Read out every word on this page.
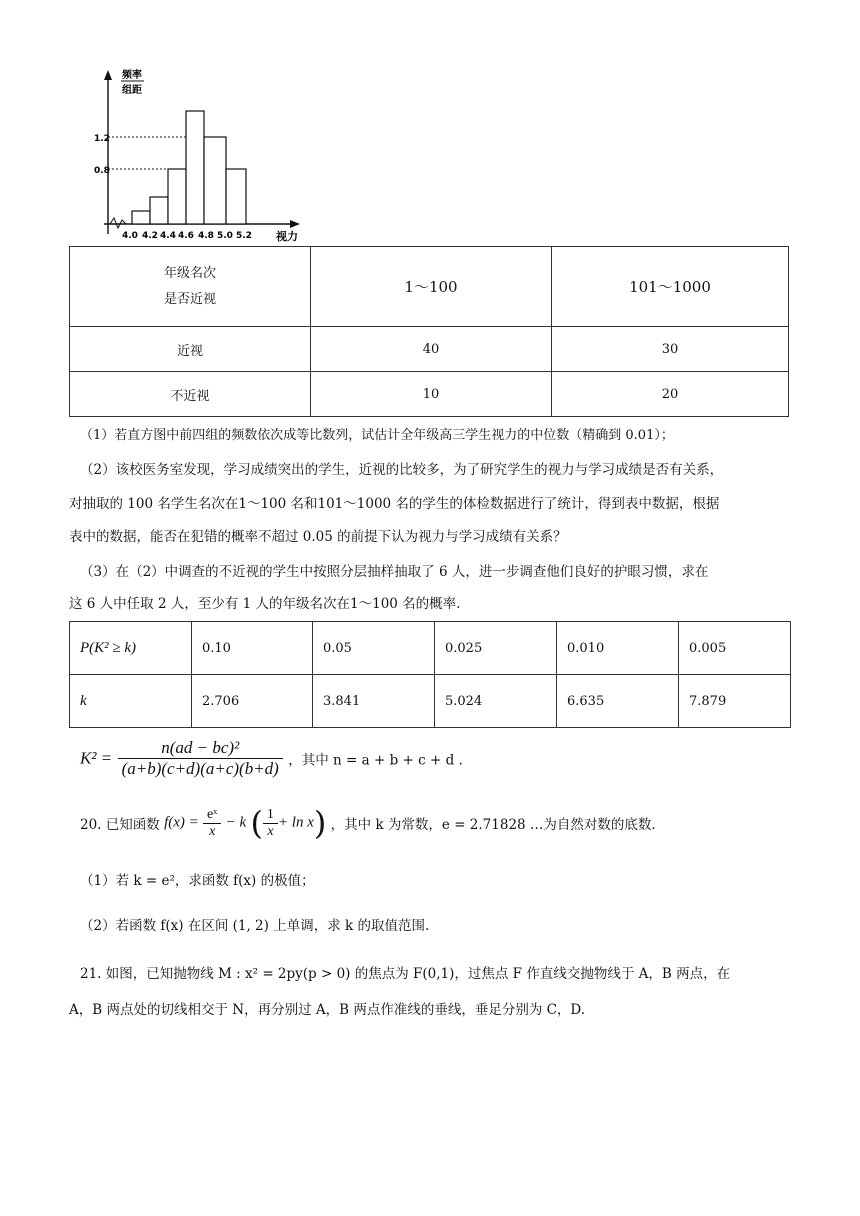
频率
组距
1.2
0.8
4.0 4.2 4.4 4.6 4.8 5.0 5.2 视力
年级名次
是否近视	1～100	101～1000
近视	40	30
不近视	10	20
（1）若直方图中前四组的频数依次成等比数列，试估计全年级高三学生视力的中位数（精确到 0.01）；
（2）该校医务室发现，学习成绩突出的学生，近视的比较多，为了研究学生的视力与学习成绩是否有关系，
对抽取的 100 名学生名次在1～100 名和101～1000 名的学生的体检数据进行了统计，得到表中数据，根据
表中的数据，能否在犯错的概率不超过 0.05 的前提下认为视力与学习成绩有关系？
（3）在（2）中调查的不近视的学生中按照分层抽样抽取了 6 人，进一步调查他们良好的护眼习惯，求在
这 6 人中任取 2 人，至少有 1 人的年级名次在1～100 名的概率.
P(K² ≥ k)	0.10	0.05	0.025	0.010	0.005
k	2.706	3.841	5.024	6.635	7.879
$K^2 = \frac{\text{n(ad − bc)²}}{(a+b)(c+d)(a+c)(b+d)}$ ，其中 n = a + b + c + d .
20. 已知函数 $f(x) = \frac{\text{eˣ}}{x} - k$ ( $\frac{1}{x} + \ln x$) ，其中 k 为常数，e = 2.71828 …为自然对数的底数.
（1）若 k = e²，求函数 f(x) 的极值；
（2）若函数 f(x) 在区间 (1, 2) 上单调，求 k 的取值范围.
21. 如图，已知抛物线 M : x² = 2py(p > 0) 的焦点为 F(0,1)，过焦点 F 作直线交抛物线于 A，B 两点，在
A，B 两点处的切线相交于 N，再分别过 A，B 两点作准线的垂线，垂足分别为 C，D.
